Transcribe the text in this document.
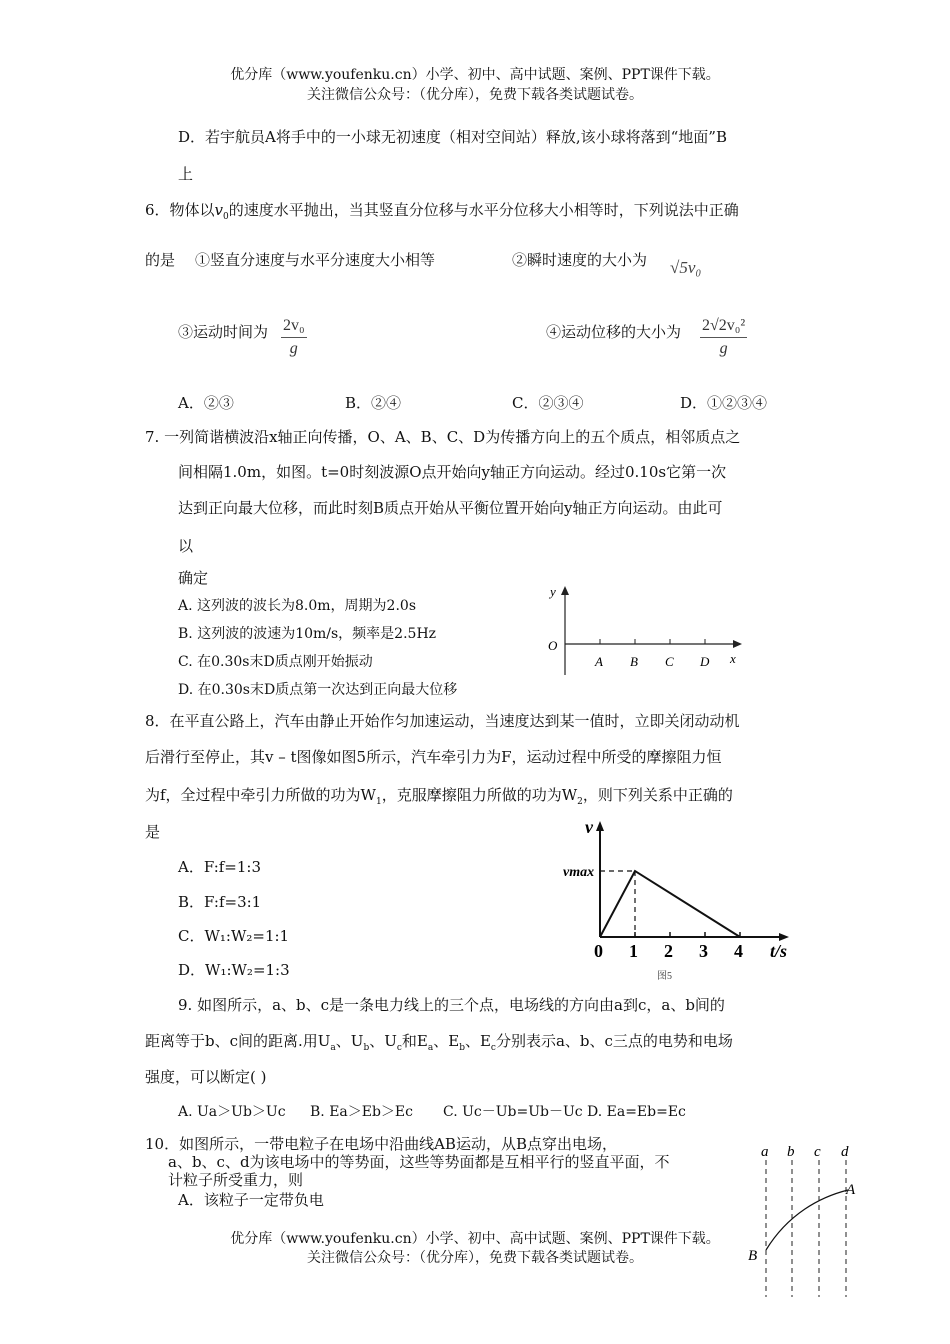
优分库（www.youfenku.cn）小学、初中、高中试题、案例、PPT课件下载。
关注微信公众号：（优分库），免费下载各类试题试卷。
D．若宇航员A将手中的一小球无初速度（相对空间站）释放,该小球将落到“地面”B
上
6．物体以$v_0$的速度水平抛出，当其竖直分位移与水平分位移大小相等时，下列说法中正确
的是 ①竖直分速度与水平分速度大小相等	②瞬时速度的大小为 √5v₀
③运动时间为 $\frac{\text{2v₀}}{g}$	④运动位移的大小为 $\frac{\text{2√2v₀²}}{g}$
A．②③	B．②④	C．②③④	D．①②③④
7. 一列简谐横波沿x轴正向传播，O、A、B、C、D为传播方向上的五个质点，相邻质点之
间相隔1.0m，如图。t=0时刻波源O点开始向y轴正方向运动。经过0.10s它第一次
达到正向最大位移，而此时刻B质点开始从平衡位置开始向y轴正方向运动。由此可
以
确定
A. 这列波的波长为8.0m，周期为2.0s
B. 这列波的波速为10m/s，频率是2.5Hz
C. 在0.30s末D质点刚开始振动
D. 在0.30s末D质点第一次达到正向最大位移
y
O
x
A B C D
8．在平直公路上，汽车由静止开始作匀加速运动，当速度达到某一值时，立即关闭动动机
后滑行至停止，其v – t图像如图5所示，汽车牵引力为F，运动过程中所受的摩擦阻力恒
为f，全过程中牵引力所做的功为$W_1$，克服摩擦阻力所做的功为$W_2$，则下列关系中正确的
是
A．F:f=1:3
B．F:f=3:1
C．W₁:W₂=1:1
D．W₁:W₂=1:3
v
t/s
图5
0 1 2 3 4
vmax
9. 如图所示，a、b、c是一条电力线上的三个点，电场线的方向由a到c，a、b间的
距离等于b、c间的距离.用$U_a$、$U_b$、$U_c$和$E_a$、$E_b$、$E_c$分别表示a、b、c三点的电势和电场
强度，可以断定( )
A. Ua＞Ub＞Uc B. Ea＞Eb＞Ec C. Uc－Ub=Ub－Uc D. Ea=Eb=Ec
10．如图所示，一带电粒子在电场中沿曲线AB运动，从B点穿出电场，
a、b、c、d为该电场中的等势面，这些等势面都是互相平行的竖直平面，不
计粒子所受重力，则
A．该粒子一定带负电
a b c d
A
B
优分库（www.youfenku.cn）小学、初中、高中试题、案例、PPT课件下载。
关注微信公众号：（优分库），免费下载各类试题试卷。
